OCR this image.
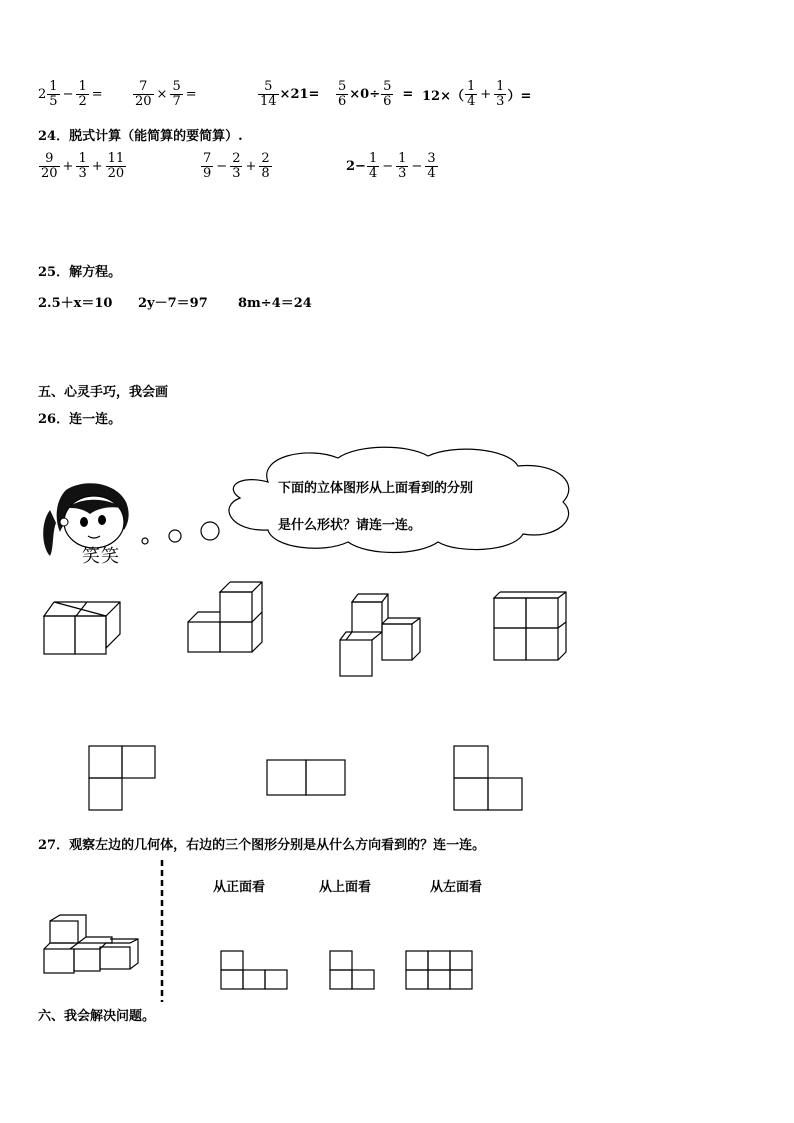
$2 \frac{1}{5} - \frac{1}{2} = \frac{7}{20} \times \frac{5}{7}$ =	$\frac{5}{14} \times 21= \frac{5}{6} \times 0\div \frac{5}{6} = 12\times( \frac{1}{4} + \frac{1}{3}$ ）=
24．脱式计算（能简算的要简算）.
$\frac{9}{20} + \frac{1}{3} + \frac{11}{20}$	$\frac{7}{9} - \frac{2}{3} + \frac{2}{8}$	$2- \frac{1}{4} - \frac{1}{3} - \frac{3}{4}$
25．解方程。
2.5＋x＝10 2y－7＝97 8m÷4＝24
五、心灵手巧，我会画
26．连一连。
笑笑
下面的立体图形从上面看到的分别
是什么形状？请连一连。
27．观察左边的几何体，右边的三个图形分别是从什么方向看到的？连一连。
从正面看	从上面看	从左面看
六、我会解决问题。
